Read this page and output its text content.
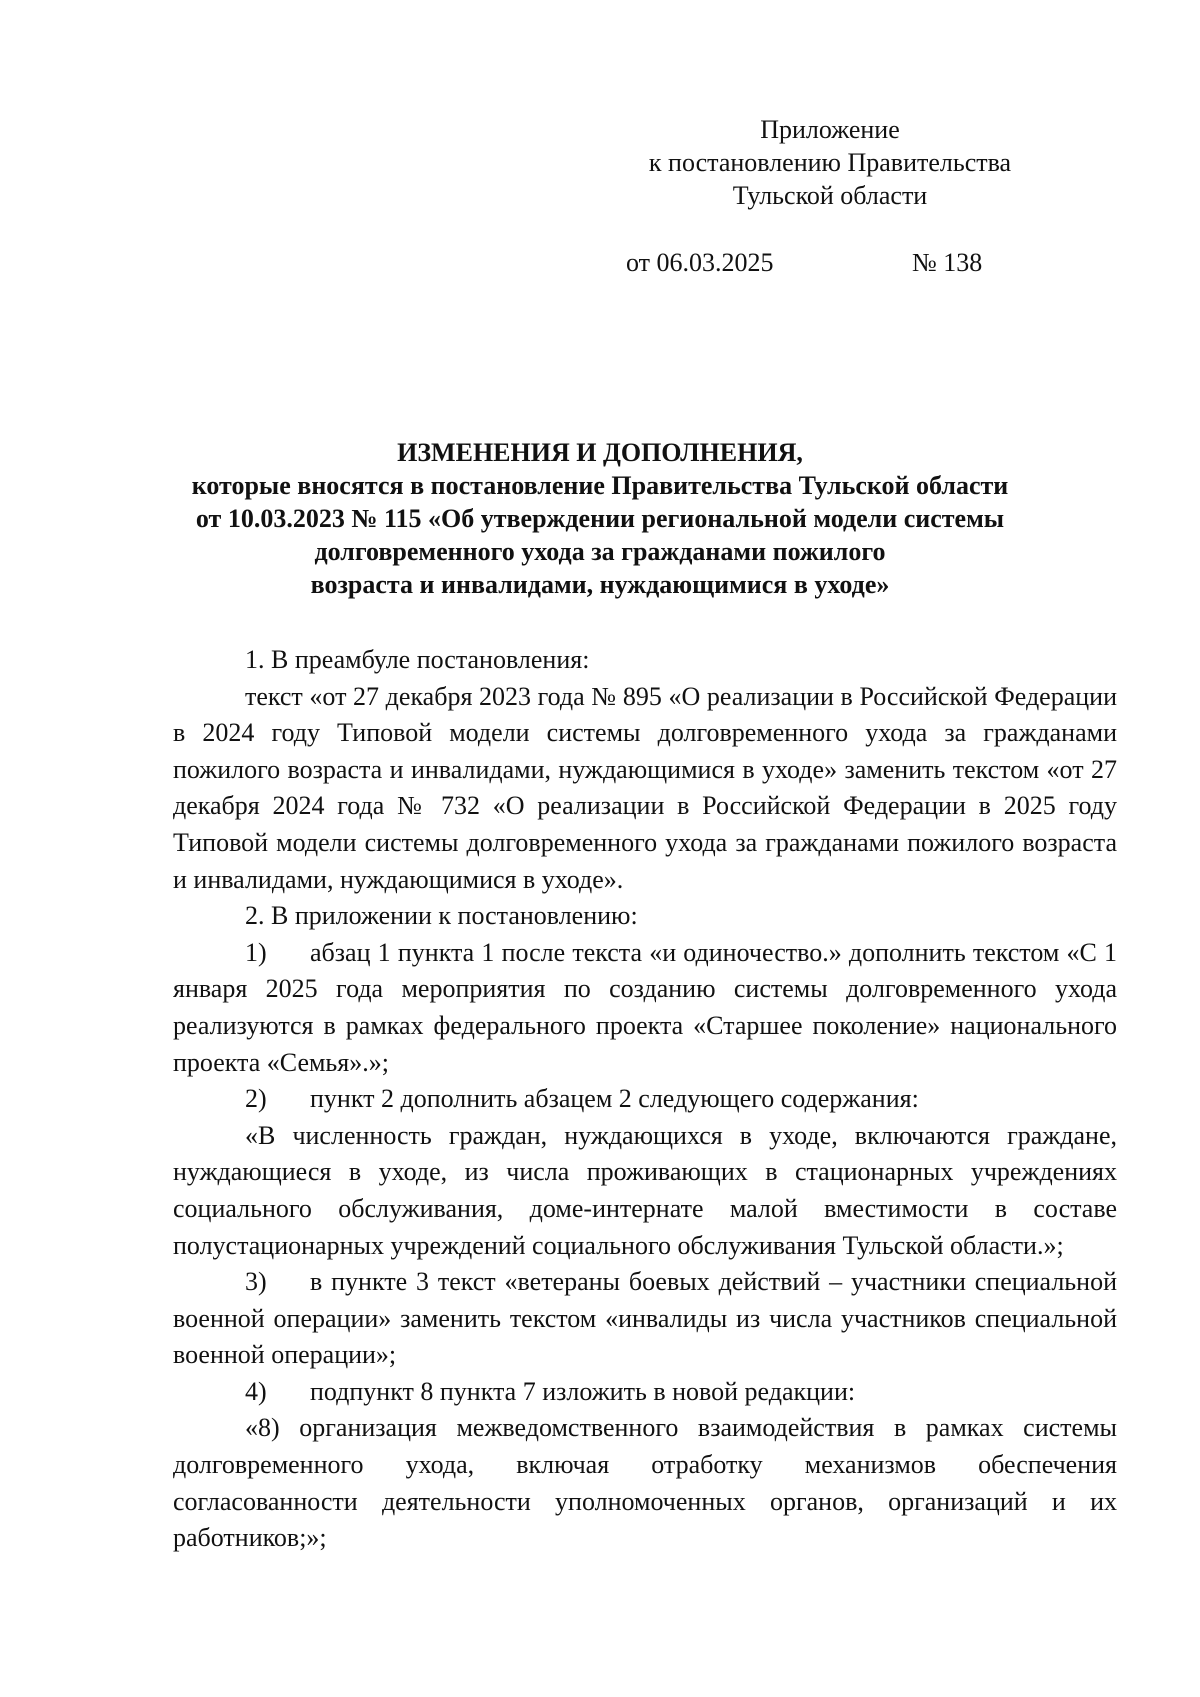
Приложение
к постановлению Правительства
Тульской области
от 06.03.2025	№ 138
ИЗМЕНЕНИЯ И ДОПОЛНЕНИЯ,
которые вносятся в постановление Правительства Тульской области
от 10.03.2023 № 115 «Об утверждении региональной модели системы
долговременного ухода за гражданами пожилого
возраста и инвалидами, нуждающимися в уходе»

1. В преамбуле постановления:

текст «от 27 декабря 2023 года № 895 «О реализации в Российской Федерации в 2024 году Типовой модели системы долговременного ухода за гражданами пожилого возраста и инвалидами, нуждающимися в уходе» заменить текстом «от 27 декабря 2024 года № 732 «О реализации в Российской Федерации в 2025 году Типовой модели системы долговременного ухода за гражданами пожилого возраста и инвалидами, нуждающимися в уходе».

2. В приложении к постановлению:

1) абзац 1 пункта 1 после текста «и одиночество.» дополнить текстом «С 1 января 2025 года мероприятия по созданию системы долговременного ухода реализуются в рамках федерального проекта «Старшее поколение» национального проекта «Семья».»;

2) пункт 2 дополнить абзацем 2 следующего содержания:

«В численность граждан, нуждающихся в уходе, включаются граждане, нуждающиеся в уходе, из числа проживающих в стационарных учреждениях социального обслуживания, доме-интернате малой вместимости в составе полустационарных учреждений социального обслуживания Тульской области.»;

3) в пункте 3 текст «ветераны боевых действий – участники специальной военной операции» заменить текстом «инвалиды из числа участников специальной военной операции»;

4) подпункт 8 пункта 7 изложить в новой редакции:

«8) организация межведомственного взаимодействия в рамках системы долговременного ухода, включая отработку механизмов обеспечения согласованности деятельности уполномоченных органов, организаций и их работников;»;
